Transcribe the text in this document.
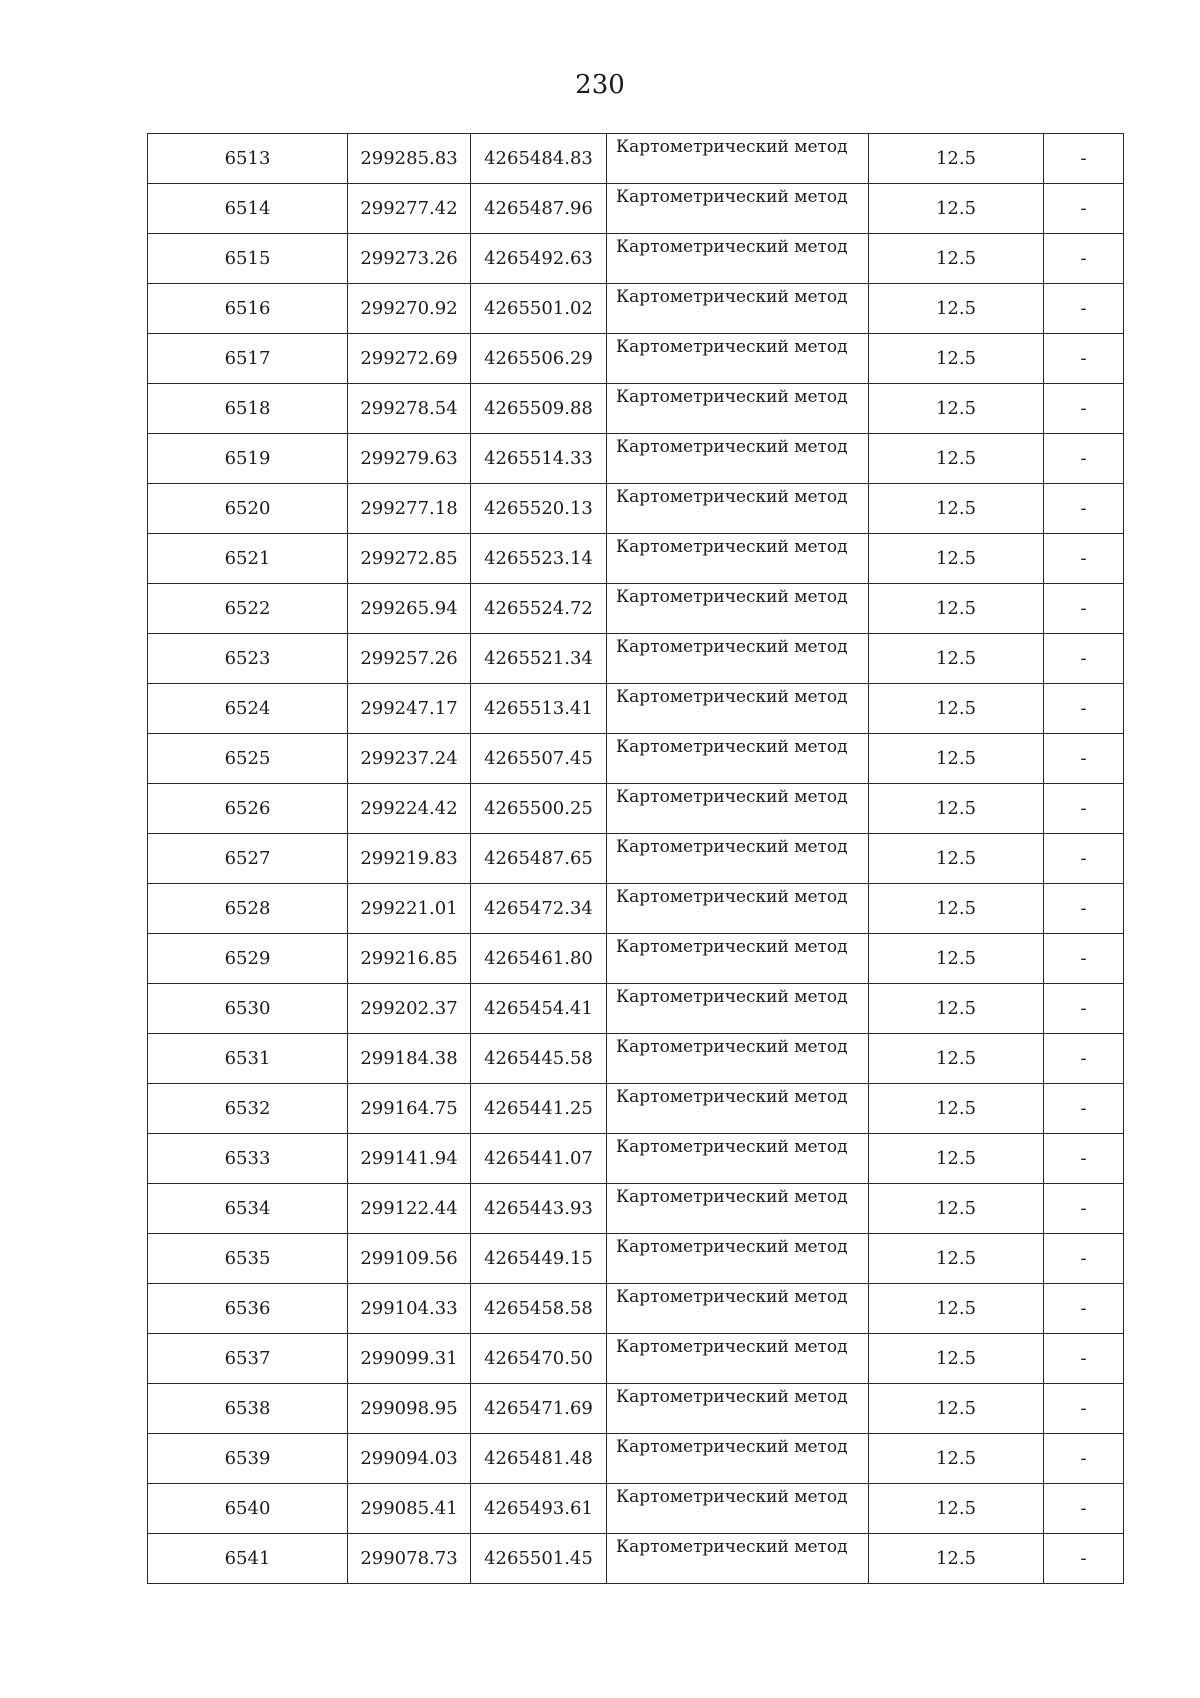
230
6513	299285.83	4265484.83	Картометрический метод	12.5	-
6514	299277.42	4265487.96	Картометрический метод	12.5	-
6515	299273.26	4265492.63	Картометрический метод	12.5	-
6516	299270.92	4265501.02	Картометрический метод	12.5	-
6517	299272.69	4265506.29	Картометрический метод	12.5	-
6518	299278.54	4265509.88	Картометрический метод	12.5	-
6519	299279.63	4265514.33	Картометрический метод	12.5	-
6520	299277.18	4265520.13	Картометрический метод	12.5	-
6521	299272.85	4265523.14	Картометрический метод	12.5	-
6522	299265.94	4265524.72	Картометрический метод	12.5	-
6523	299257.26	4265521.34	Картометрический метод	12.5	-
6524	299247.17	4265513.41	Картометрический метод	12.5	-
6525	299237.24	4265507.45	Картометрический метод	12.5	-
6526	299224.42	4265500.25	Картометрический метод	12.5	-
6527	299219.83	4265487.65	Картометрический метод	12.5	-
6528	299221.01	4265472.34	Картометрический метод	12.5	-
6529	299216.85	4265461.80	Картометрический метод	12.5	-
6530	299202.37	4265454.41	Картометрический метод	12.5	-
6531	299184.38	4265445.58	Картометрический метод	12.5	-
6532	299164.75	4265441.25	Картометрический метод	12.5	-
6533	299141.94	4265441.07	Картометрический метод	12.5	-
6534	299122.44	4265443.93	Картометрический метод	12.5	-
6535	299109.56	4265449.15	Картометрический метод	12.5	-
6536	299104.33	4265458.58	Картометрический метод	12.5	-
6537	299099.31	4265470.50	Картометрический метод	12.5	-
6538	299098.95	4265471.69	Картометрический метод	12.5	-
6539	299094.03	4265481.48	Картометрический метод	12.5	-
6540	299085.41	4265493.61	Картометрический метод	12.5	-
6541	299078.73	4265501.45	Картометрический метод	12.5	-
